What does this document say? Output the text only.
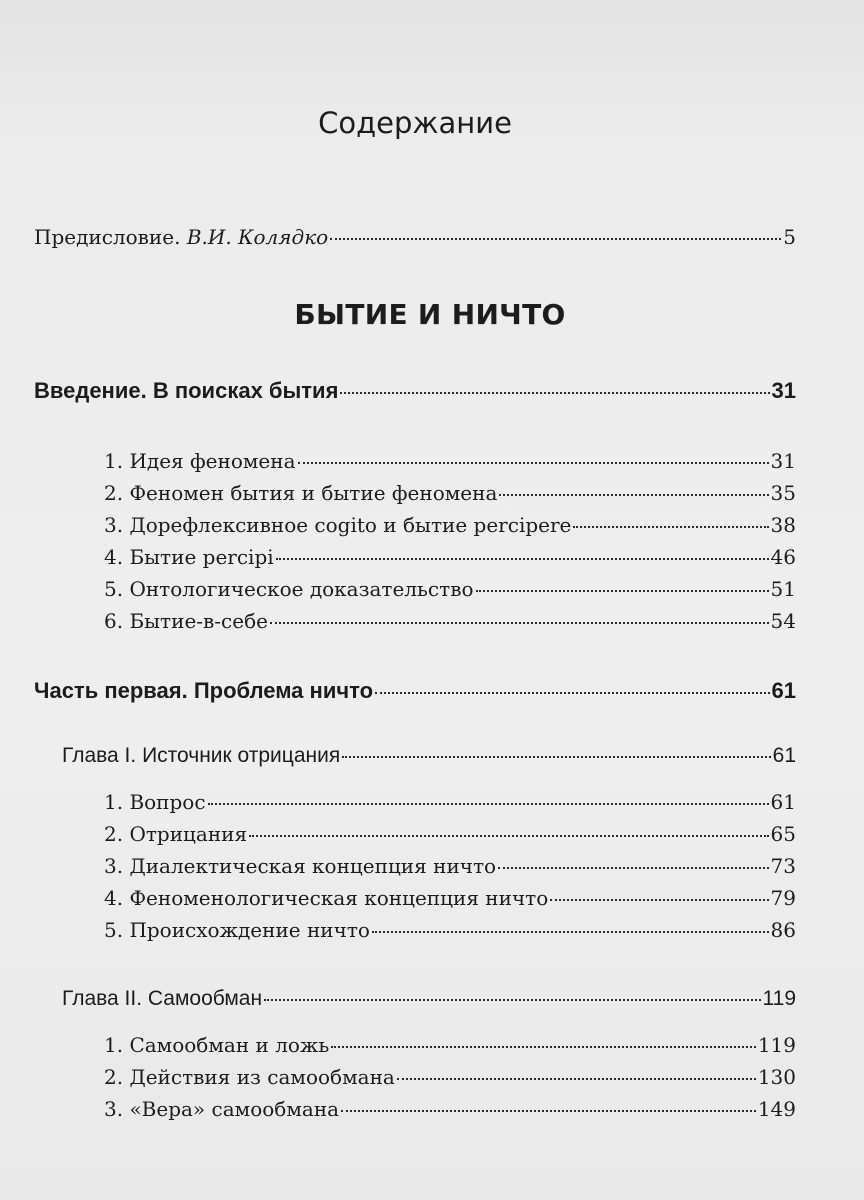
Содержание
Предисловие. В.И. Колядко	5
БЫТИЕ И НИЧТО
Введение. В поисках бытия	31
1. Идея феномена	31
2. Феномен бытия и бытие феномена	35
3. Дорефлексивное cogito и бытие percipere	38
4. Бытие percipi	46
5. Онтологическое доказательство	51
6. Бытие-в-себе	54
Часть первая. Проблема ничто	61
Глава I. Источник отрицания	61
1. Вопрос	61
2. Отрицания	65
3. Диалектическая концепция ничто	73
4. Феноменологическая концепция ничто	79
5. Происхождение ничто	86
Глава II. Самообман	119
1. Самообман и ложь	119
2. Действия из самообмана	130
3. «Вера» самообмана	149
